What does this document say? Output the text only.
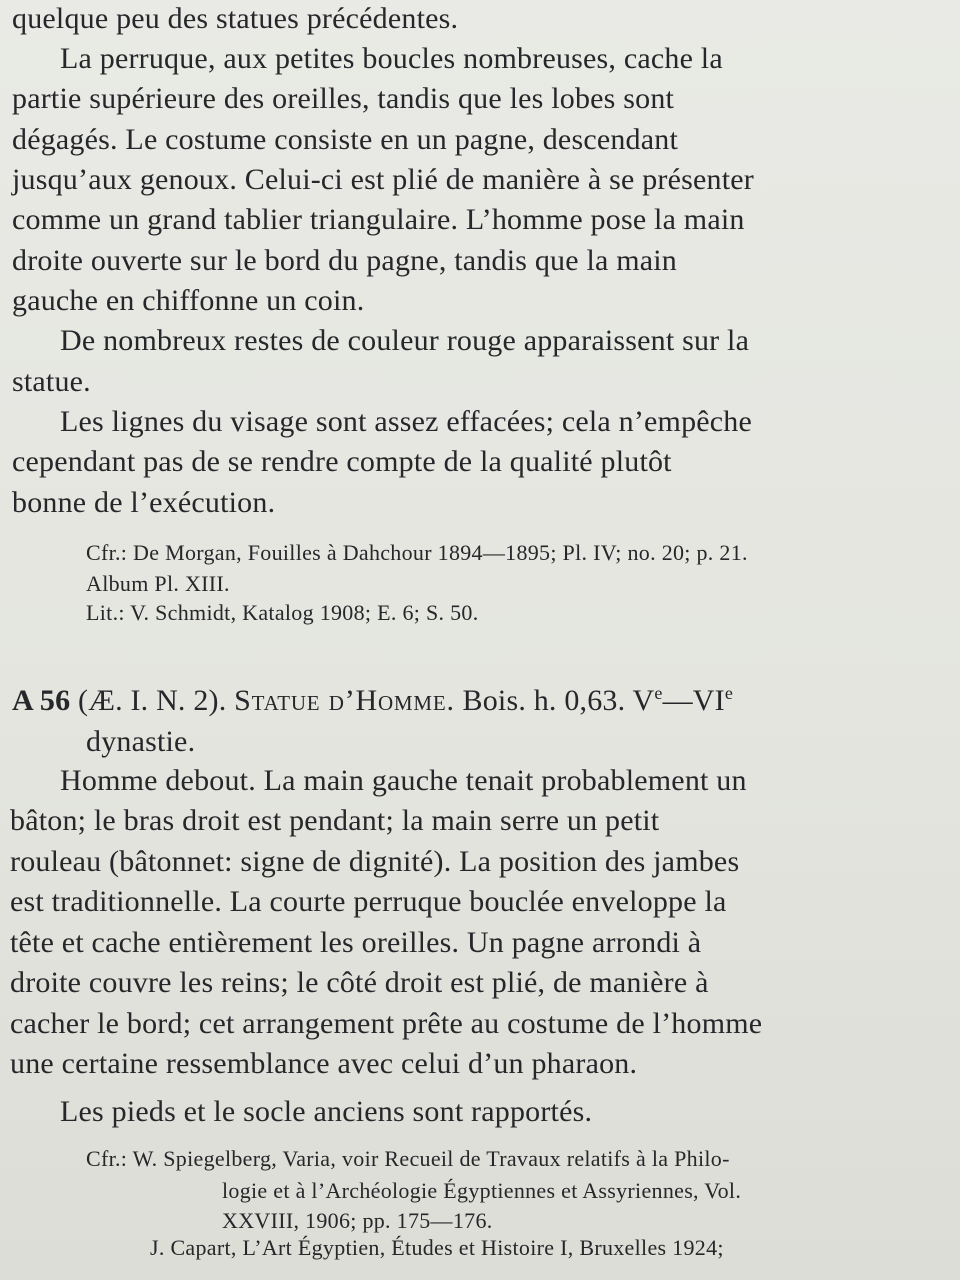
quelque peu des statues précédentes.
La perruque, aux petites boucles nombreuses, cache la
partie supérieure des oreilles, tandis que les lobes sont
dégagés. Le costume consiste en un pagne, descendant
jusqu’aux genoux. Celui-ci est plié de manière à se présenter
comme un grand tablier triangulaire. L’homme pose la main
droite ouverte sur le bord du pagne, tandis que la main
gauche en chiffonne un coin.
De nombreux restes de couleur rouge apparaissent sur la
statue.
Les lignes du visage sont assez effacées; cela n’empêche
cependant pas de se rendre compte de la qualité plutôt
bonne de l’exécution.
Cfr.: De Morgan, Fouilles à Dahchour 1894—1895; Pl. IV; no. 20; p. 21.
Album Pl. XIII.
Lit.: V. Schmidt, Katalog 1908; E. 6; S. 50.
A 56 (Æ. I. N. 2). Statue d’Homme. Bois. h. 0,63. Ve—VIe
dynastie.
Homme debout. La main gauche tenait probablement un
bâton; le bras droit est pendant; la main serre un petit
rouleau (bâtonnet: signe de dignité). La position des jambes
est traditionnelle. La courte perruque bouclée enveloppe la
tête et cache entièrement les oreilles. Un pagne arrondi à
droite couvre les reins; le côté droit est plié, de manière à
cacher le bord; cet arrangement prête au costume de l’homme
une certaine ressemblance avec celui d’un pharaon.
Les pieds et le socle anciens sont rapportés.
Cfr.: W. Spiegelberg, Varia, voir Recueil de Travaux relatifs à la Philo-
logie et à l’Archéologie Égyptiennes et Assyriennes, Vol.
XXVIII, 1906; pp. 175—176.
J. Capart, L’Art Égyptien, Études et Histoire I, Bruxelles 1924;
